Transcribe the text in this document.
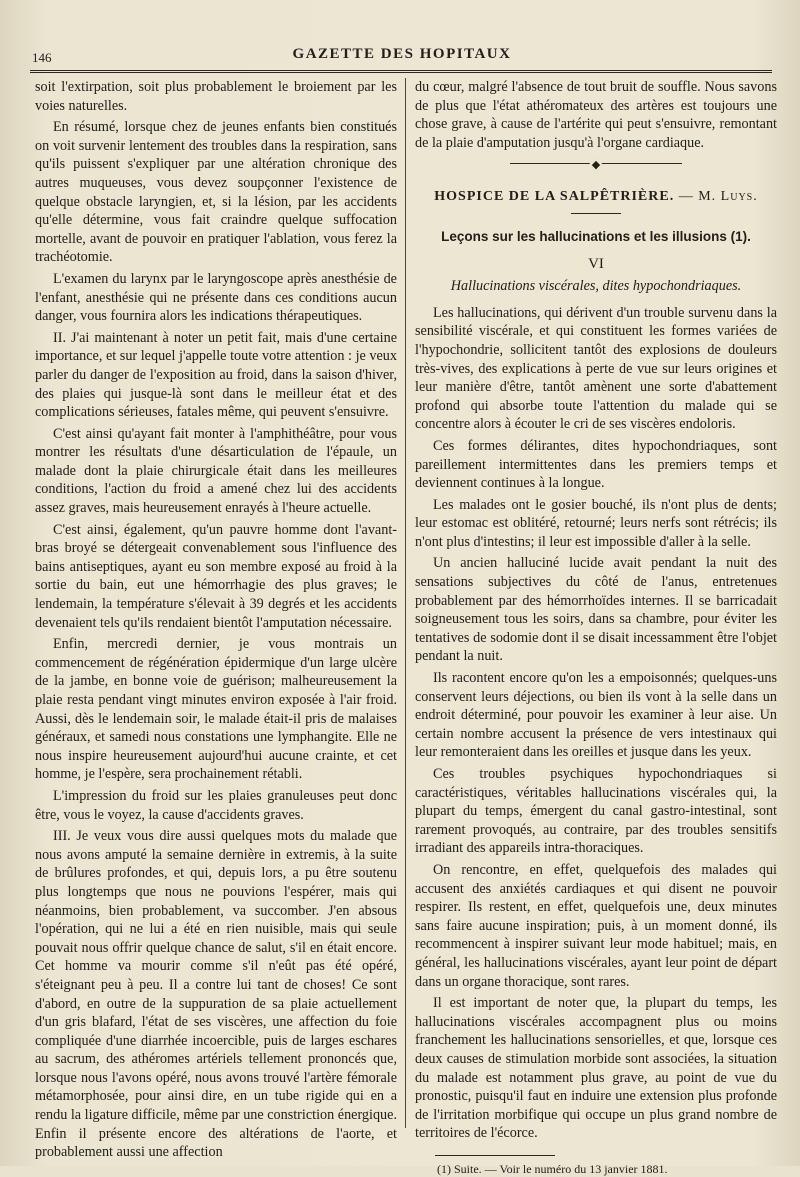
146	GAZETTE DES HOPITAUX

soit l'extirpation, soit plus probablement le broiement par les voies naturelles.

En résumé, lorsque chez de jeunes enfants bien constitués on voit survenir lentement des troubles dans la respiration, sans qu'ils puissent s'expliquer par une altération chronique des autres muqueuses, vous devez soupçonner l'existence de quelque obstacle laryngien, et, si la lésion, par les accidents qu'elle détermine, vous fait craindre quelque suffocation mortelle, avant de pouvoir en pratiquer l'ablation, vous ferez la trachéotomie.

L'examen du larynx par le laryngoscope après anesthésie de l'enfant, anesthésie qui ne présente dans ces conditions aucun danger, vous fournira alors les indications thérapeutiques.

II. J'ai maintenant à noter un petit fait, mais d'une certaine importance, et sur lequel j'appelle toute votre attention : je veux parler du danger de l'exposition au froid, dans la saison d'hiver, des plaies qui jusque-là sont dans le meilleur état et des complications sérieuses, fatales même, qui peuvent s'ensuivre.

C'est ainsi qu'ayant fait monter à l'amphithéâtre, pour vous montrer les résultats d'une désarticulation de l'épaule, un malade dont la plaie chirurgicale était dans les meilleures conditions, l'action du froid a amené chez lui des accidents assez graves, mais heureusement enrayés à l'heure actuelle.

C'est ainsi, également, qu'un pauvre homme dont l'avant-bras broyé se détergeait convenablement sous l'influence des bains antiseptiques, ayant eu son membre exposé au froid à la sortie du bain, eut une hémorrhagie des plus graves; le lendemain, la température s'élevait à 39 degrés et les accidents devenaient tels qu'ils rendaient bientôt l'amputation nécessaire.

Enfin, mercredi dernier, je vous montrais un commencement de régénération épidermique d'un large ulcère de la jambe, en bonne voie de guérison; malheureusement la plaie resta pendant vingt minutes environ exposée à l'air froid. Aussi, dès le lendemain soir, le malade était-il pris de malaises généraux, et samedi nous constations une lymphangite. Elle ne nous inspire heureusement aujourd'hui aucune crainte, et cet homme, je l'espère, sera prochainement rétabli.

L'impression du froid sur les plaies granuleuses peut donc être, vous le voyez, la cause d'accidents graves.

III. Je veux vous dire aussi quelques mots du malade que nous avons amputé la semaine dernière in extremis, à la suite de brûlures profondes, et qui, depuis lors, a pu être soutenu plus longtemps que nous ne pouvions l'espérer, mais qui néanmoins, bien probablement, va succomber. J'en absous l'opération, qui ne lui a été en rien nuisible, mais qui seule pouvait nous offrir quelque chance de salut, s'il en était encore. Cet homme va mourir comme s'il n'eût pas été opéré, s'éteignant peu à peu. Il a contre lui tant de choses! Ce sont d'abord, en outre de la suppuration de sa plaie actuellement d'un gris blafard, l'état de ses viscères, une affection du foie compliquée d'une diarrhée incoercible, puis de larges eschares au sacrum, des athéromes artériels tellement prononcés que, lorsque nous l'avons opéré, nous avons trouvé l'artère fémorale métamorphosée, pour ainsi dire, en un tube rigide qui en a rendu la ligature difficile, même par une constriction énergique. Enfin il présente encore des altérations de l'aorte, et probablement aussi une affection

du cœur, malgré l'absence de tout bruit de souffle. Nous savons de plus que l'état athéromateux des artères est toujours une chose grave, à cause de l'artérite qui peut s'ensuivre, remontant de la plaie d'amputation jusqu'à l'organe cardiaque.

◆
HOSPICE DE LA SALPÊTRIÈRE. — M. Luys.
Leçons sur les hallucinations et les illusions (1).
VI
Hallucinations viscérales, dites hypochondriaques.

Les hallucinations, qui dérivent d'un trouble survenu dans la sensibilité viscérale, et qui constituent les formes variées de l'hypochondrie, sollicitent tantôt des explosions de douleurs très-vives, des explications à perte de vue sur leurs origines et leur manière d'être, tantôt amènent une sorte d'abattement profond qui absorbe toute l'attention du malade qui se concentre alors à écouter le cri de ses viscères endoloris.

Ces formes délirantes, dites hypochondriaques, sont pareillement intermittentes dans les premiers temps et deviennent continues à la longue.

Les malades ont le gosier bouché, ils n'ont plus de dents; leur estomac est oblitéré, retourné; leurs nerfs sont rétrécis; ils n'ont plus d'intestins; il leur est impossible d'aller à la selle.

Un ancien halluciné lucide avait pendant la nuit des sensations subjectives du côté de l'anus, entretenues probablement par des hémorrhoïdes internes. Il se barricadait soigneusement tous les soirs, dans sa chambre, pour éviter les tentatives de sodomie dont il se disait incessamment être l'objet pendant la nuit.

Ils racontent encore qu'on les a empoisonnés; quelques-uns conservent leurs déjections, ou bien ils vont à la selle dans un endroit déterminé, pour pouvoir les examiner à leur aise. Un certain nombre accusent la présence de vers intestinaux qui leur remonteraient dans les oreilles et jusque dans les yeux.

Ces troubles psychiques hypochondriaques si caractéristiques, véritables hallucinations viscérales qui, la plupart du temps, émergent du canal gastro-intestinal, sont rarement provoqués, au contraire, par des troubles sensitifs irradiant des appareils intra-thoraciques.

On rencontre, en effet, quelquefois des malades qui accusent des anxiétés cardiaques et qui disent ne pouvoir respirer. Ils restent, en effet, quelquefois une, deux minutes sans faire aucune inspiration; puis, à un moment donné, ils recommencent à inspirer suivant leur mode habituel; mais, en général, les hallucinations viscérales, ayant leur point de départ dans un organe thoracique, sont rares.

Il est important de noter que, la plupart du temps, les hallucinations viscérales accompagnent plus ou moins franchement les hallucinations sensorielles, et que, lorsque ces deux causes de stimulation morbide sont associées, la situation du malade est notamment plus grave, au point de vue du pronostic, puisqu'il faut en induire une extension plus profonde de l'irritation morbifique qui occupe un plus grand nombre de territoires de l'écorce.

(1) Suite. — Voir le numéro du 13 janvier 1881.
